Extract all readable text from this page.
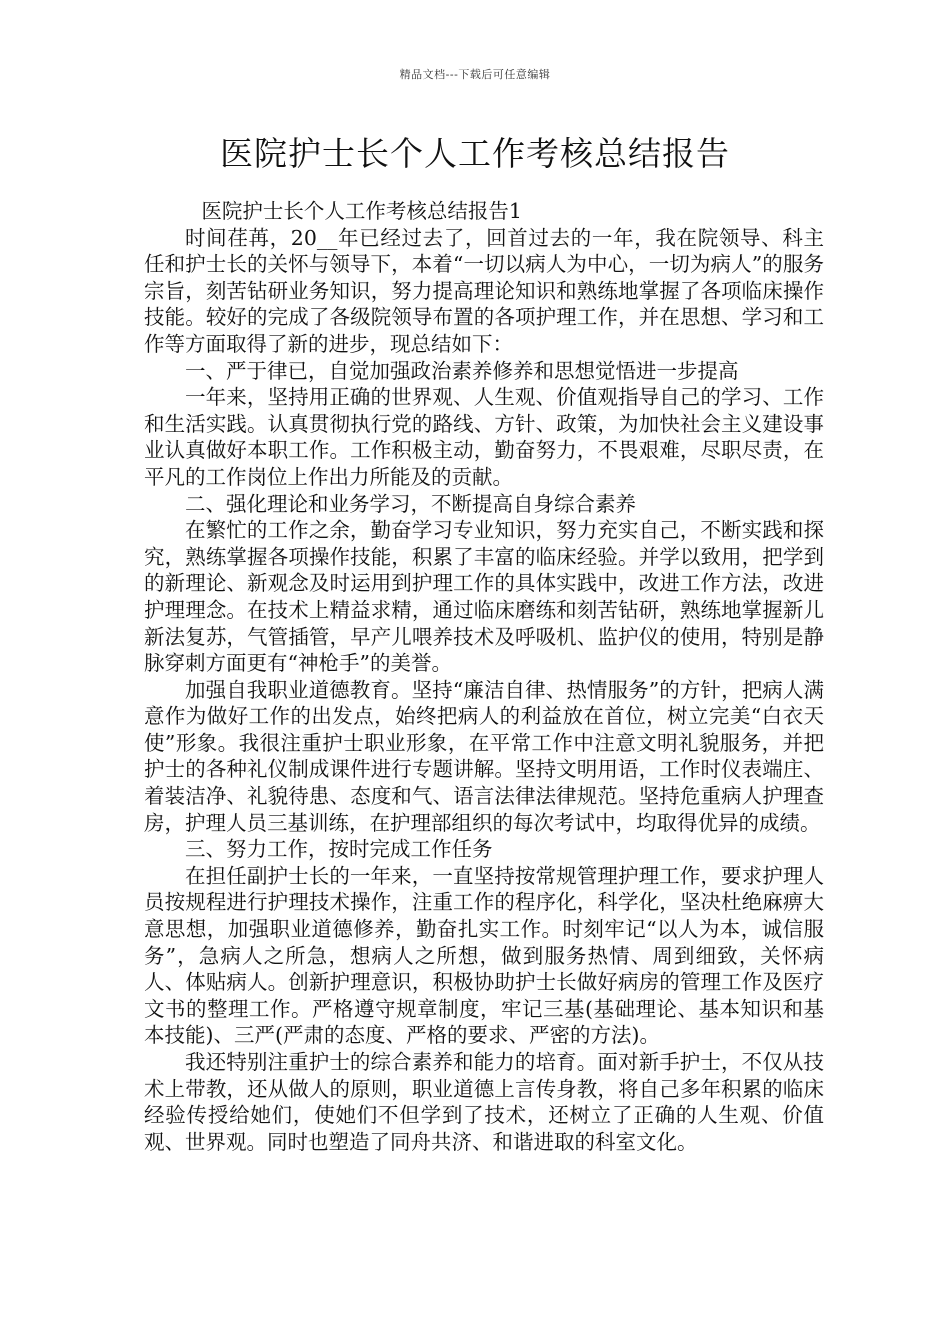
精品文档---下载后可任意编辑
医院护士长个人工作考核总结报告

医院护士长个人工作考核总结报告1

时间荏苒，20__年已经过去了，回首过去的一年，我在院领导、科主任和护士长的关怀与领导下，本着“一切以病人为中心，一切为病人”的服务宗旨，刻苦钻研业务知识，努力提高理论知识和熟练地掌握了各项临床操作技能。较好的完成了各级院领导布置的各项护理工作，并在思想、学习和工作等方面取得了新的进步，现总结如下：

一、严于律已，自觉加强政治素养修养和思想觉悟进一步提高

一年来，坚持用正确的世界观、人生观、价值观指导自己的学习、工作和生活实践。认真贯彻执行党的路线、方针、政策，为加快社会主义建设事业认真做好本职工作。工作积极主动，勤奋努力，不畏艰难，尽职尽责，在平凡的工作岗位上作出力所能及的贡献。

二、强化理论和业务学习，不断提高自身综合素养

在繁忙的工作之余，勤奋学习专业知识，努力充实自己，不断实践和探究，熟练掌握各项操作技能，积累了丰富的临床经验。并学以致用，把学到的新理论、新观念及时运用到护理工作的具体实践中，改进工作方法，改进护理理念。在技术上精益求精，通过临床磨练和刻苦钻研，熟练地掌握新儿新法复苏，气管插管，早产儿喂养技术及呼吸机、监护仪的使用，特别是静脉穿刺方面更有“神枪手”的美誉。

加强自我职业道德教育。坚持“廉洁自律、热情服务”的方针，把病人满意作为做好工作的出发点，始终把病人的利益放在首位，树立完美“白衣天使”形象。我很注重护士职业形象，在平常工作中注意文明礼貌服务，并把护士的各种礼仪制成课件进行专题讲解。坚持文明用语，工作时仪表端庄、着装洁净、礼貌待患、态度和气、语言法律法律规范。坚持危重病人护理查房，护理人员三基训练，在护理部组织的每次考试中，均取得优异的成绩。

三、努力工作，按时完成工作任务

在担任副护士长的一年来，一直坚持按常规管理护理工作，要求护理人员按规程进行护理技术操作，注重工作的程序化，科学化，坚决杜绝麻痹大意思想，加强职业道德修养，勤奋扎实工作。时刻牢记“以人为本，诚信服务”，急病人之所急，想病人之所想，做到服务热情、周到细致，关怀病人、体贴病人。创新护理意识，积极协助护士长做好病房的管理工作及医疗文书的整理工作。严格遵守规章制度，牢记三基(基础理论、基本知识和基本技能)、三严(严肃的态度、严格的要求、严密的方法)。

我还特别注重护士的综合素养和能力的培育。面对新手护士，不仅从技术上带教，还从做人的原则，职业道德上言传身教，将自己多年积累的临床经验传授给她们，使她们不但学到了技术，还树立了正确的人生观、价值观、世界观。同时也塑造了同舟共济、和谐进取的科室文化。
